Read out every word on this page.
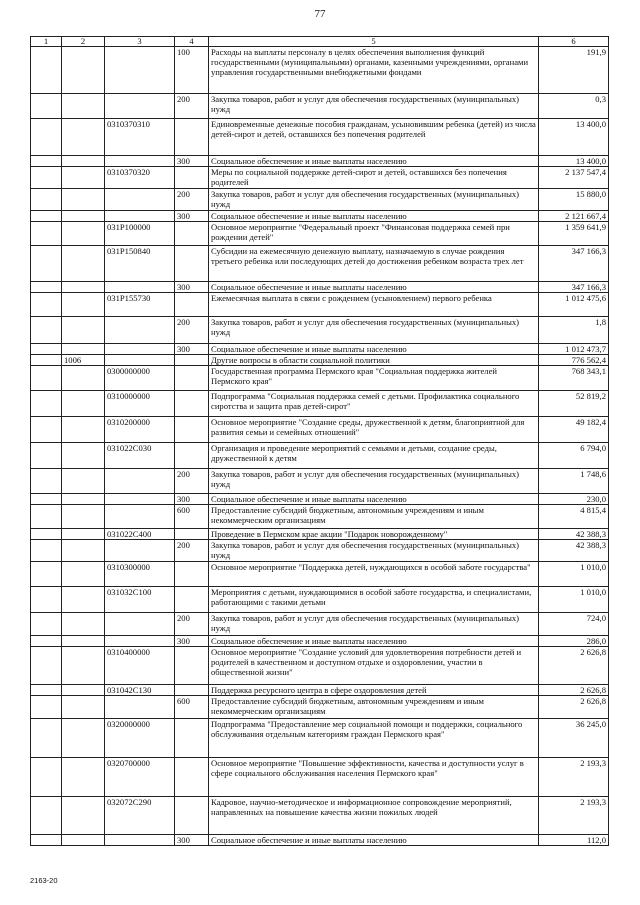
77
1	2	3	4	5	6
			100	Расходы на выплаты персоналу в целях обеспечения выполнения функций государственными (муниципальными) органами, казенными учреждениями, органами управления государственными внебюджетными фондами	191,9
			200	Закупка товаров, работ и услуг для обеспечения государственных (муниципальных) нужд	0,3
		0310370310		Единовременные денежные пособия гражданам, усыновившим ребенка (детей) из числа детей-сирот и детей, оставшихся без попечения родителей	13 400,0
			300	Социальное обеспечение и иные выплаты населению	13 400,0
		0310370320		Меры по социальной поддержке детей-сирот и детей, оставшихся без попечения родителей	2 137 547,4
			200	Закупка товаров, работ и услуг для обеспечения государственных (муниципальных) нужд	15 880,0
			300	Социальное обеспечение и иные выплаты населению	2 121 667,4
		031P100000		Основное мероприятие "Федеральный проект "Финансовая поддержка семей при рождении детей"	1 359 641,9
		031P150840		Субсидии на ежемесячную денежную выплату, назначаемую в случае рождения третьего ребенка или последующих детей до достижения ребенком возраста трех лет	347 166,3
			300	Социальное обеспечение и иные выплаты населению	347 166,3
		031P155730		Ежемесячная выплата в связи с рождением (усыновлением) первого ребенка	1 012 475,6
			200	Закупка товаров, работ и услуг для обеспечения государственных (муниципальных) нужд	1,8
			300	Социальное обеспечение и иные выплаты населению	1 012 473,7
	1006			Другие вопросы в области социальной политики	776 562,4
		0300000000		Государственная программа Пермского края "Социальная поддержка жителей Пермского края"	768 343,1
		0310000000		Подпрограмма "Социальная поддержка семей с детьми. Профилактика социального сиротства и защита прав детей-сирот"	52 819,2
		0310200000		Основное мероприятие "Создание среды, дружественной к детям, благоприятной для развития семьи и семейных отношений"	49 182,4
		031022C030		Организация и проведение мероприятий с семьями и детьми, создание среды, дружественной к детям	6 794,0
			200	Закупка товаров, работ и услуг для обеспечения государственных (муниципальных) нужд	1 748,6
			300	Социальное обеспечение и иные выплаты населению	230,0
			600	Предоставление субсидий бюджетным, автономным учреждениям и иным некоммерческим организациям	4 815,4
		031022C400		Проведение в Пермском крае акции "Подарок новорожденному"	42 388,3
			200	Закупка товаров, работ и услуг для обеспечения государственных (муниципальных) нужд	42 388,3
		0310300000		Основное мероприятие "Поддержка детей, нуждающихся в особой заботе государства"	1 010,0
		031032C100		Мероприятия с детьми, нуждающимися в особой заботе государства, и специалистами, работающими с такими детьми	1 010,0
			200	Закупка товаров, работ и услуг для обеспечения государственных (муниципальных) нужд	724,0
			300	Социальное обеспечение и иные выплаты населению	286,0
		0310400000		Основное мероприятие "Создание условий для удовлетворения потребности детей и родителей в качественном и доступном отдыхе и оздоровлении, участии в общественной жизни"	2 626,8
		031042C130		Поддержка ресурсного центра в сфере оздоровления детей	2 626,8
			600	Предоставление субсидий бюджетным, автономным учреждениям и иным некоммерческим организациям	2 626,8
		0320000000		Подпрограмма "Предоставление мер социальной помощи и поддержки, социального обслуживания отдельным категориям граждан Пермского края"	36 245,0
		0320700000		Основное мероприятие "Повышение эффективности, качества и доступности услуг в сфере социального обслуживания населения Пермского края"	2 193,3
		032072C290		Кадровое, научно-методическое и информационное сопровождение мероприятий, направленных на повышение качества жизни пожилых людей	2 193,3
			300	Социальное обеспечение и иные выплаты населению	112,0
2163-20
